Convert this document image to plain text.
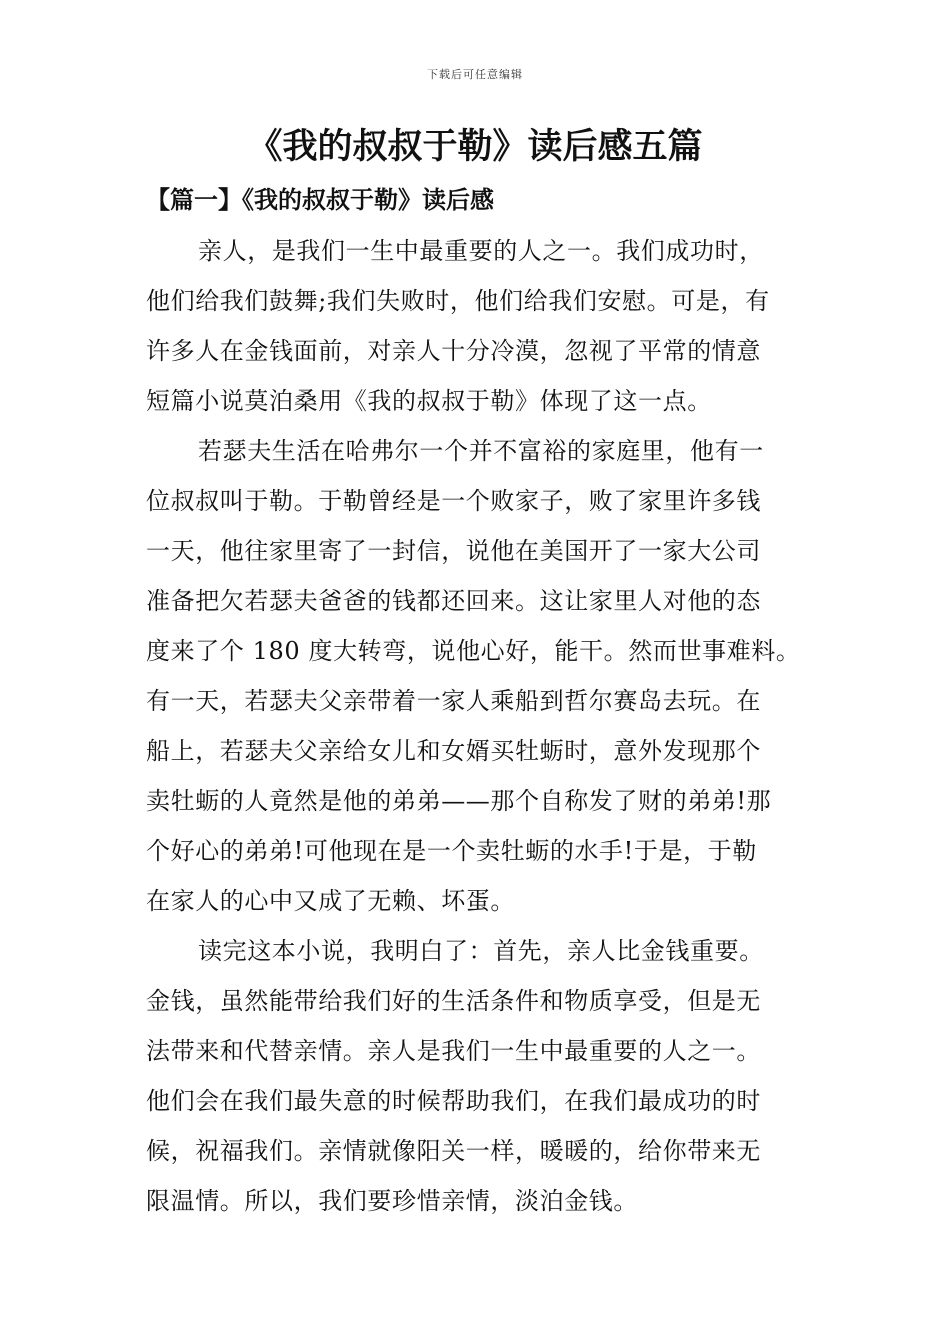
下载后可任意编辑
《我的叔叔于勒》读后感五篇
【篇一】《我的叔叔于勒》读后感

亲人，是我们一生中最重要的人之一。我们成功时，
他们给我们鼓舞;我们失败时，他们给我们安慰。可是，有
许多人在金钱面前，对亲人十分冷漠，忽视了平常的情意
短篇小说莫泊桑用《我的叔叔于勒》体现了这一点。

若瑟夫生活在哈弗尔一个并不富裕的家庭里，他有一
位叔叔叫于勒。于勒曾经是一个败家子，败了家里许多钱
一天，他往家里寄了一封信，说他在美国开了一家大公司
准备把欠若瑟夫爸爸的钱都还回来。这让家里人对他的态
度来了个 180 度大转弯，说他心好，能干。然而世事难料。
有一天，若瑟夫父亲带着一家人乘船到哲尔赛岛去玩。在
船上，若瑟夫父亲给女儿和女婿买牡蛎时，意外发现那个
卖牡蛎的人竟然是他的弟弟——那个自称发了财的弟弟!那
个好心的弟弟!可他现在是一个卖牡蛎的水手!于是，于勒
在家人的心中又成了无赖、坏蛋。

读完这本小说，我明白了：首先，亲人比金钱重要。
金钱，虽然能带给我们好的生活条件和物质享受，但是无
法带来和代替亲情。亲人是我们一生中最重要的人之一。
他们会在我们最失意的时候帮助我们，在我们最成功的时
候，祝福我们。亲情就像阳关一样，暖暖的，给你带来无
限温情。所以，我们要珍惜亲情，淡泊金钱。
